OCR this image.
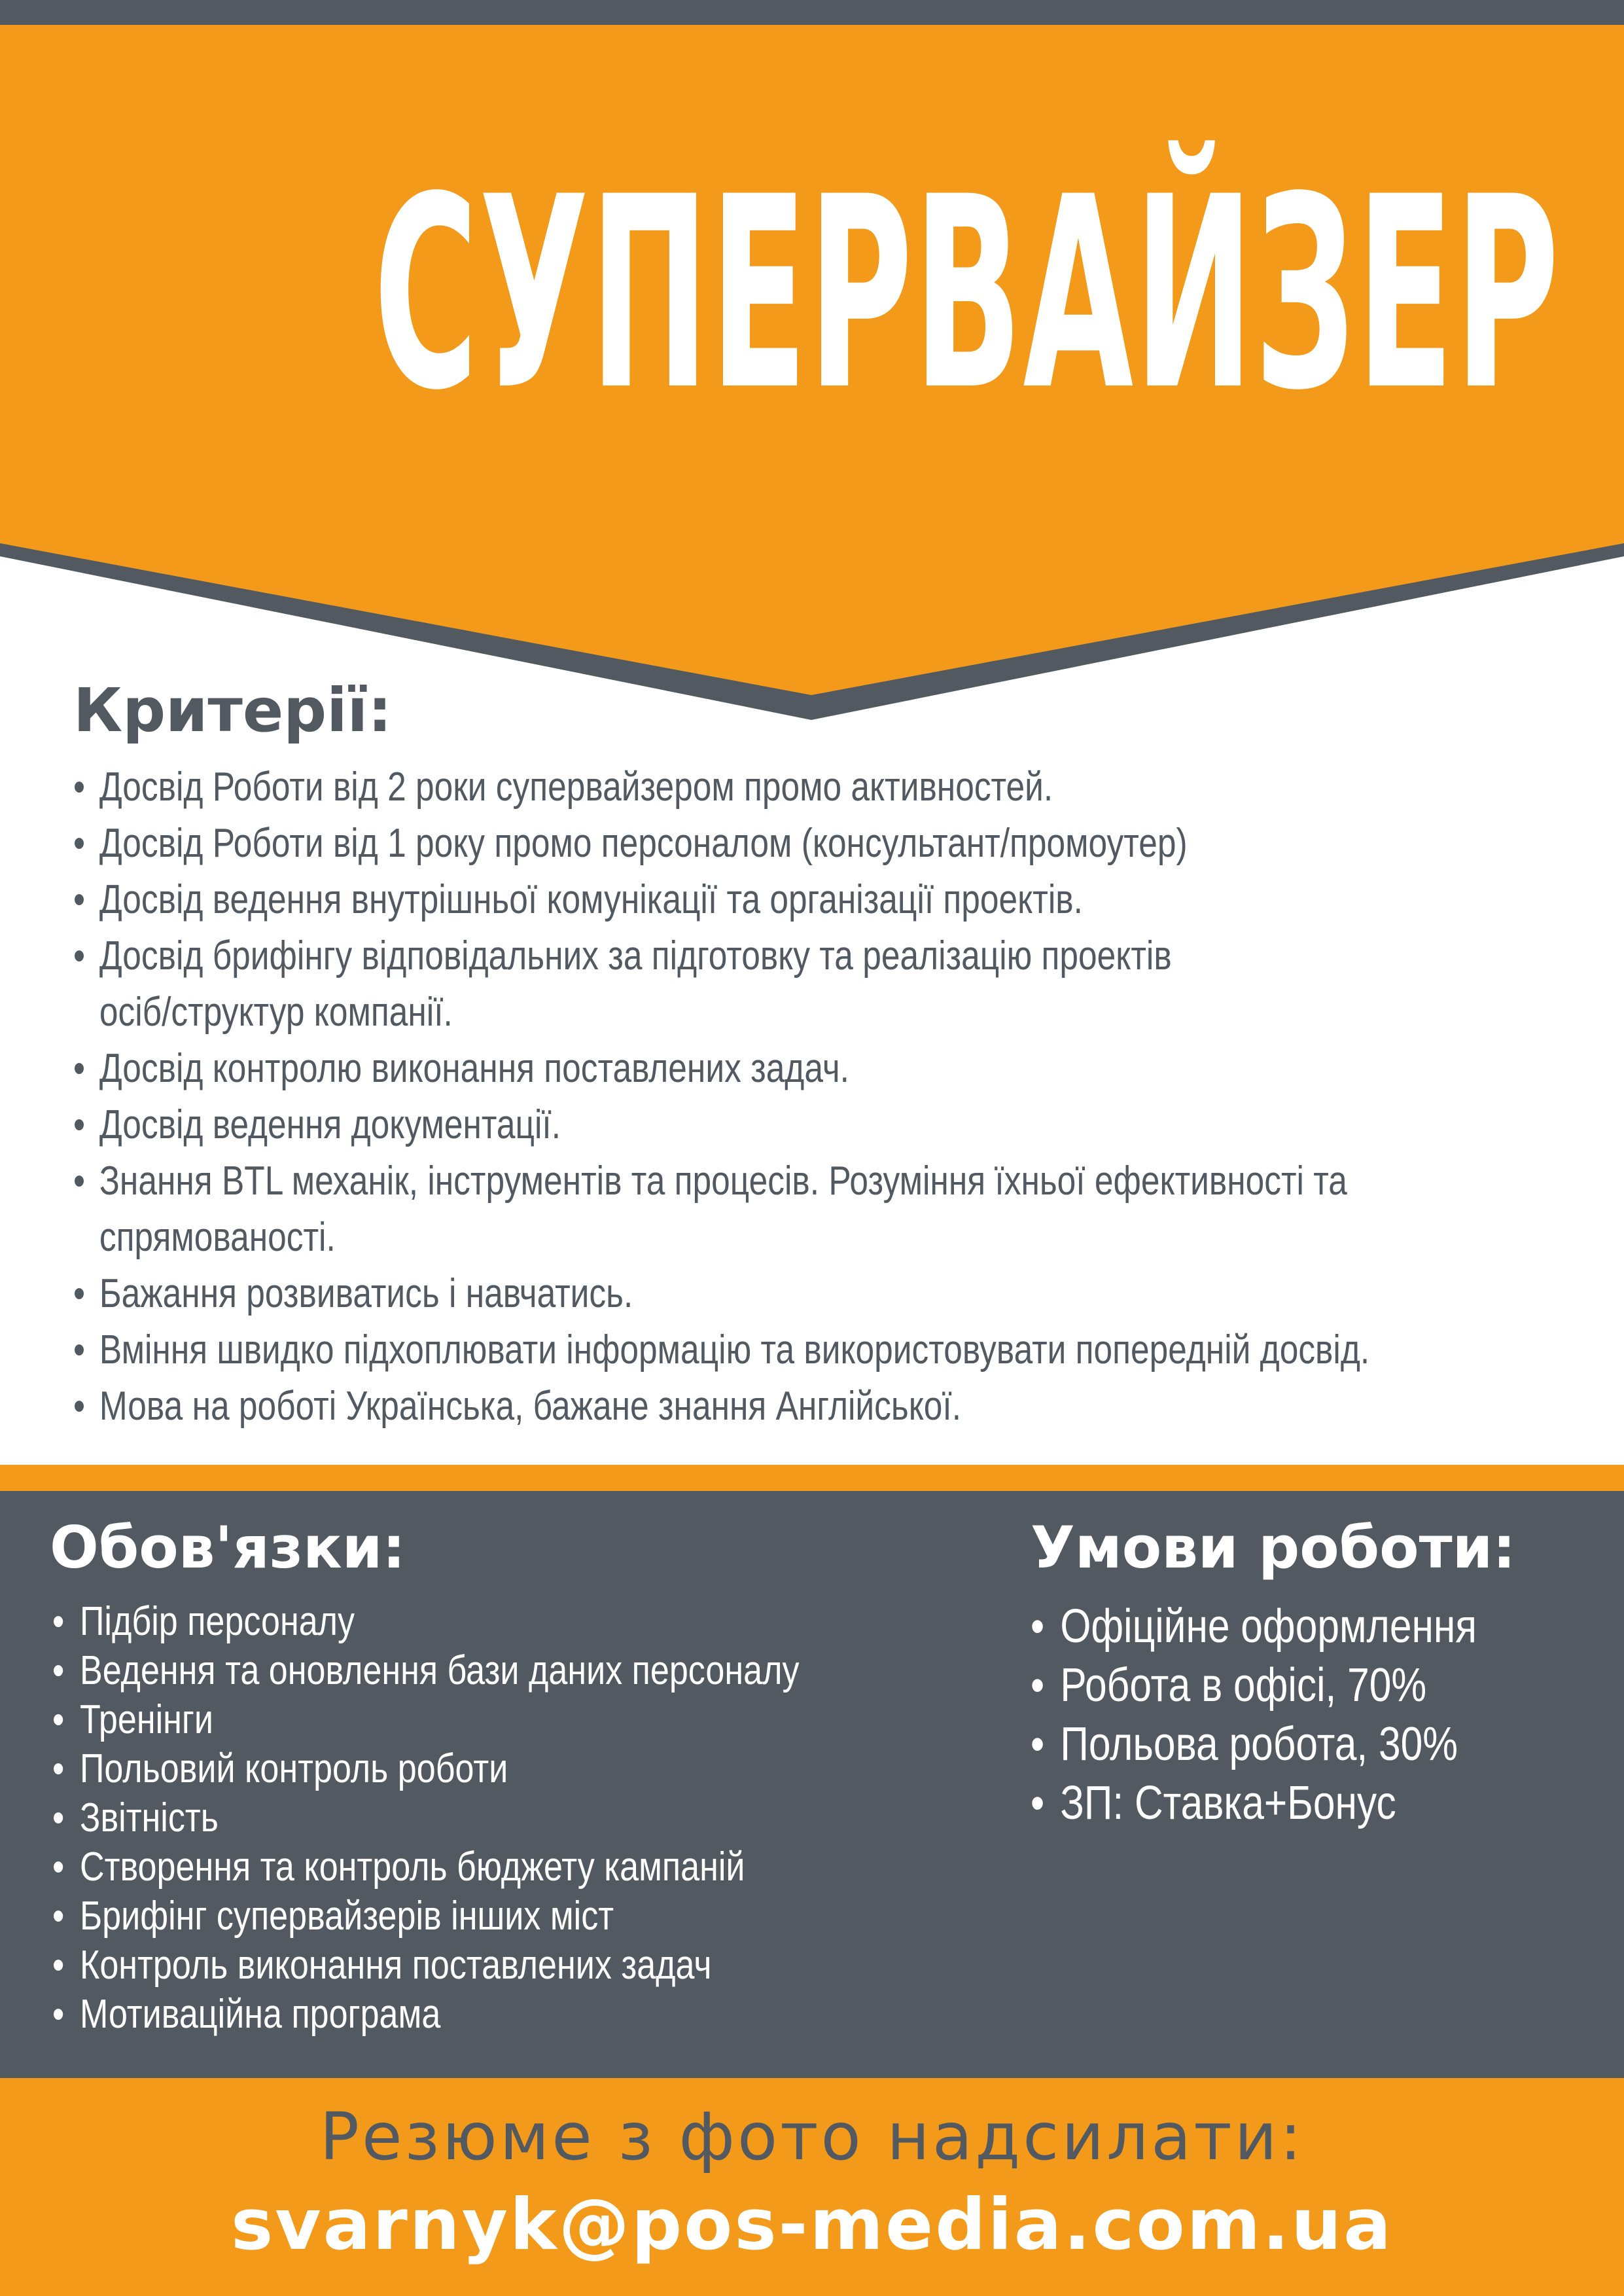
СУПЕРВАЙЗЕР
Критерії:
• Досвід Роботи від 2 роки супервайзером промо активностей.
• Досвід Роботи від 1 року промо персоналом (консультант/промоутер)
• Досвід ведення внутрішньої комунікації та організації проектів.
• Досвід брифінгу відповідальних за підготовку та реалізацію проектів осіб/структур компанії.
• Досвід контролю виконання поставлених задач.
• Досвід ведення документації.
• Знання BTL механік, інструментів та процесів. Розуміння їхньої ефективності та спрямованості.
• Бажання розвиватись і навчатись.
• Вміння швидко підхоплювати інформацію та використовувати попередній досвід.
• Мова на роботі Українська, бажане знання Англійської.
Обов'язки:
• Підбір персоналу
• Ведення та оновлення бази даних персоналу
• Тренінги
• Польовий контроль роботи
• Звітність
• Створення та контроль бюджету кампаній
• Брифінг супервайзерів інших міст
• Контроль виконання поставлених задач
• Мотиваційна програма
Умови роботи:
• Офіційне оформлення
• Робота в офісі, 70%
• Польова робота, 30%
• ЗП: Ставка+Бонус
Резюме з фото надсилати:
svarnyk@pos-media.com.ua
